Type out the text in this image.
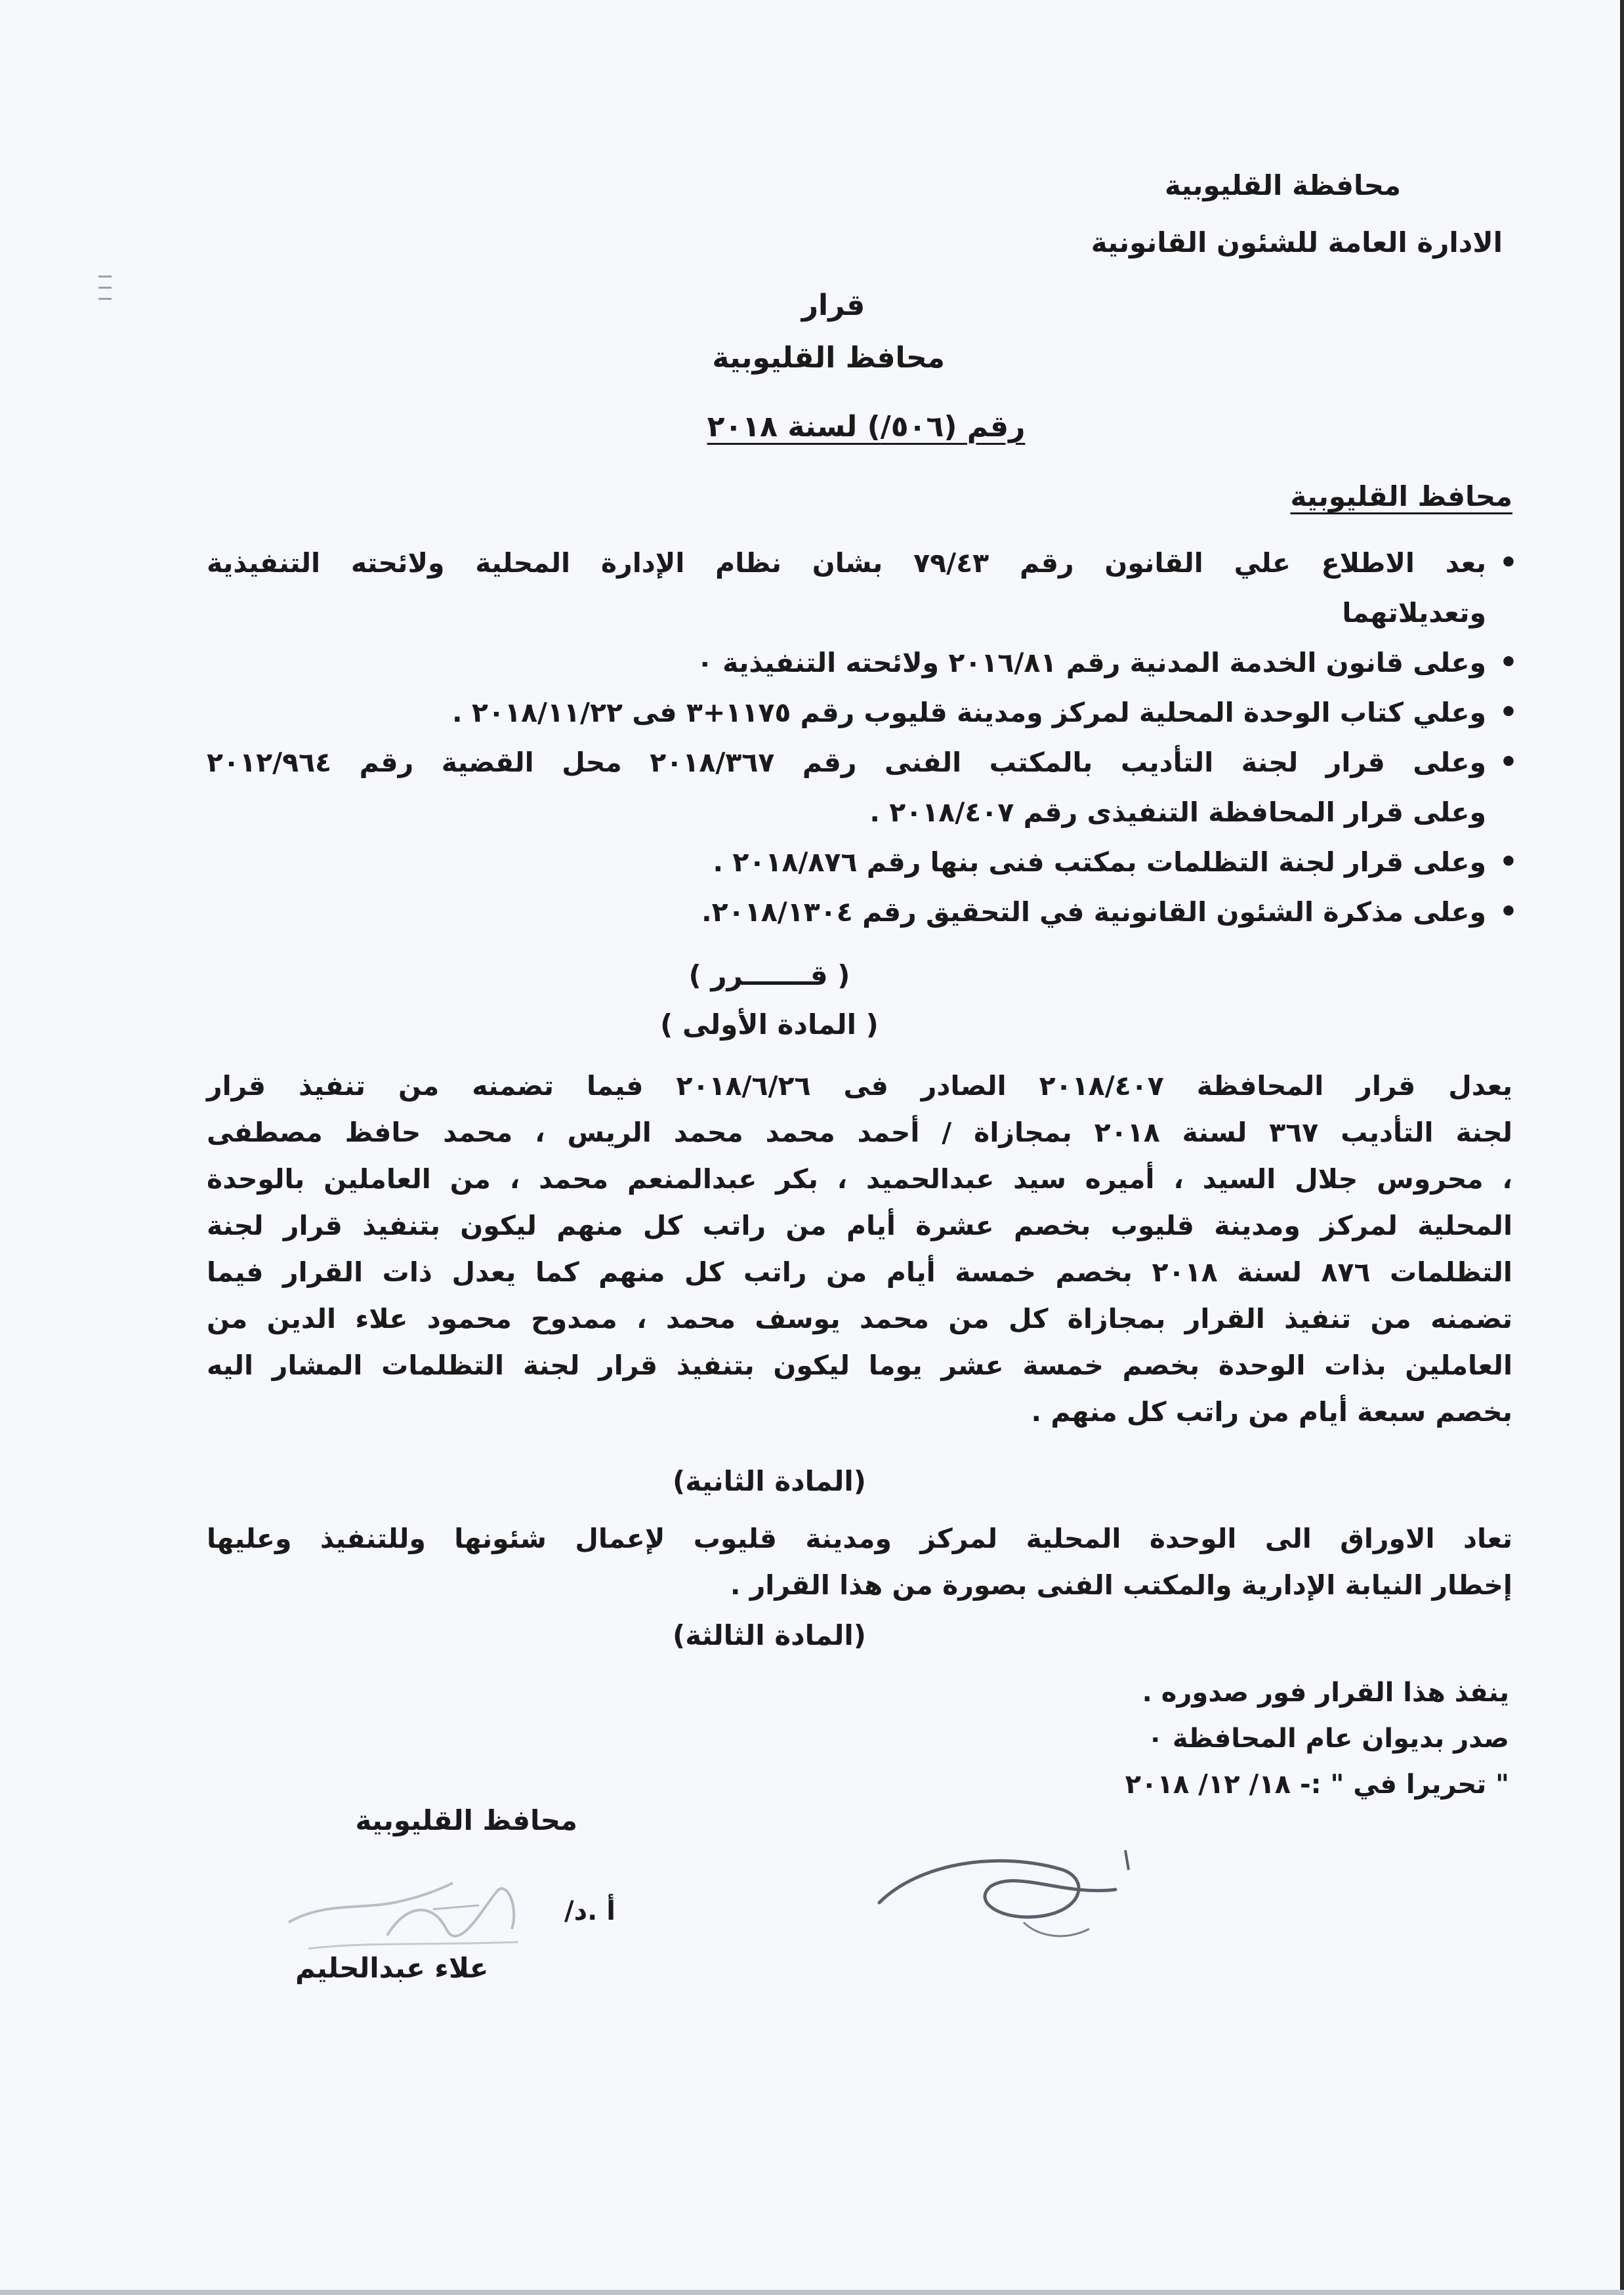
محافظة القليوبية
الادارة العامة للشئون القانونية
قرار
محافظ القليوبية
رقم (٥٠٦/) لسنة ٢٠١٨
محافظ القليوبية
• بعد الاطلاع علي القانون رقم ٧٩/٤٣ بشان نظام الإدارة المحلية ولائحته التنفيذية
وتعديلاتهما
• وعلى قانون الخدمة المدنية رقم ٢٠١٦/٨١ ولائحته التنفيذية ٠
• وعلي كتاب الوحدة المحلية لمركز ومدينة قليوب رقم ١١٧٥+٣ فى ٢٠١٨/١١/٢٢ .
• وعلى قرار لجنة التأديب بالمكتب الفنى رقم ٢٠١٨/٣٦٧ محل القضية رقم ٢٠١٢/٩٦٤
وعلى قرار المحافظة التنفيذى رقم ٢٠١٨/٤٠٧ .
• وعلى قرار لجنة التظلمات بمكتب فنى بنها رقم ٢٠١٨/٨٧٦ .
• وعلى مذكرة الشئون القانونية في التحقيق رقم ٢٠١٨/١٣٠٤.
( قـــــــرر )
( المادة الأولى )
يعدل قرار المحافظة ٢٠١٨/٤٠٧ الصادر فى ٢٠١٨/٦/٢٦ فيما تضمنه من تنفيذ قرار
لجنة التأديب ٣٦٧ لسنة ٢٠١٨ بمجازاة / أحمد محمد محمد الريس ، محمد حافظ مصطفى
، محروس جلال السيد ، أميره سيد عبدالحميد ، بكر عبدالمنعم محمد ، من العاملين بالوحدة
المحلية لمركز ومدينة قليوب بخصم عشرة أيام من راتب كل منهم ليكون بتنفيذ قرار لجنة
التظلمات ٨٧٦ لسنة ٢٠١٨ بخصم خمسة أيام من راتب كل منهم كما يعدل ذات القرار فيما
تضمنه من تنفيذ القرار بمجازاة كل من محمد يوسف محمد ، ممدوح محمود علاء الدين من
العاملين بذات الوحدة بخصم خمسة عشر يوما ليكون بتنفيذ قرار لجنة التظلمات المشار اليه
بخصم سبعة أيام من راتب كل منهم .
(المادة الثانية)
تعاد الاوراق الى الوحدة المحلية لمركز ومدينة قليوب لإعمال شئونها وللتنفيذ وعليها
إخطار النيابة الإدارية والمكتب الفنى بصورة من هذا القرار .
(المادة الثالثة)
ينفذ هذا القرار فور صدوره .
صدر بديوان عام المحافظة ٠
" تحريرا في " :- ١٨/ ١٢/ ٢٠١٨
محافظ القليوبية
أ .د/
علاء عبدالحليم
